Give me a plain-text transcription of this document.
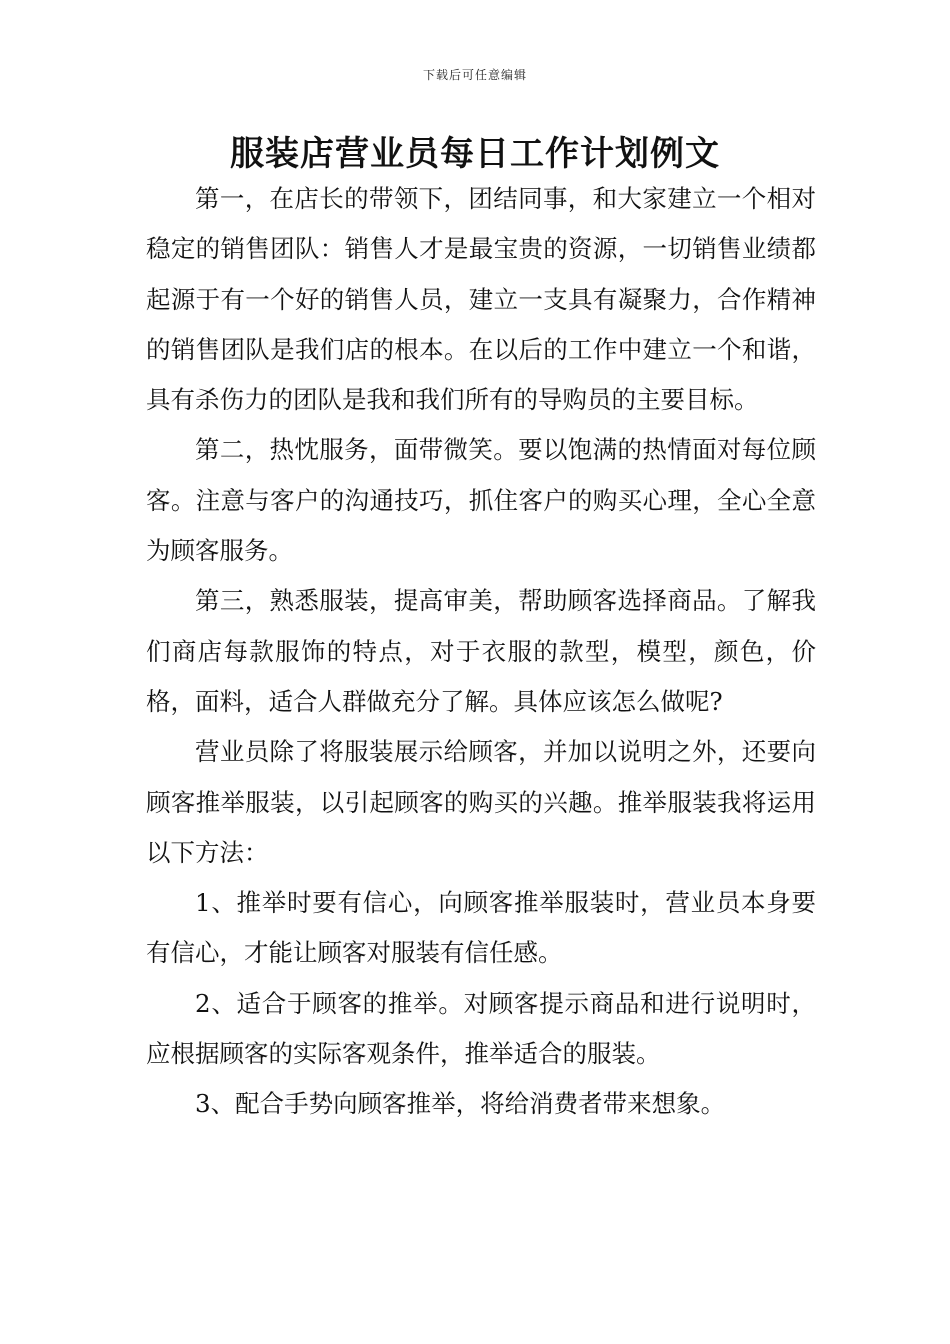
下载后可任意编辑
服装店营业员每日工作计划例文

第一，在店长的带领下，团结同事，和大家建立一个相对稳定的销售团队：销售人才是最宝贵的资源，一切销售业绩都起源于有一个好的销售人员，建立一支具有凝聚力，合作精神的销售团队是我们店的根本。在以后的工作中建立一个和谐，具有杀伤力的团队是我和我们所有的导购员的主要目标。

第二，热忱服务，面带微笑。要以饱满的热情面对每位顾客。注意与客户的沟通技巧，抓住客户的购买心理，全心全意为顾客服务。

第三，熟悉服装，提高审美，帮助顾客选择商品。了解我们商店每款服饰的特点，对于衣服的款型，模型，颜色，价格，面料，适合人群做充分了解。具体应该怎么做呢?

营业员除了将服装展示给顾客，并加以说明之外，还要向顾客推举服装，以引起顾客的购买的兴趣。推举服装我将运用以下方法：

1、推举时要有信心，向顾客推举服装时，营业员本身要有信心，才能让顾客对服装有信任感。

2、适合于顾客的推举。对顾客提示商品和进行说明时，应根据顾客的实际客观条件，推举适合的服装。

3、配合手势向顾客推举，将给消费者带来想象。
